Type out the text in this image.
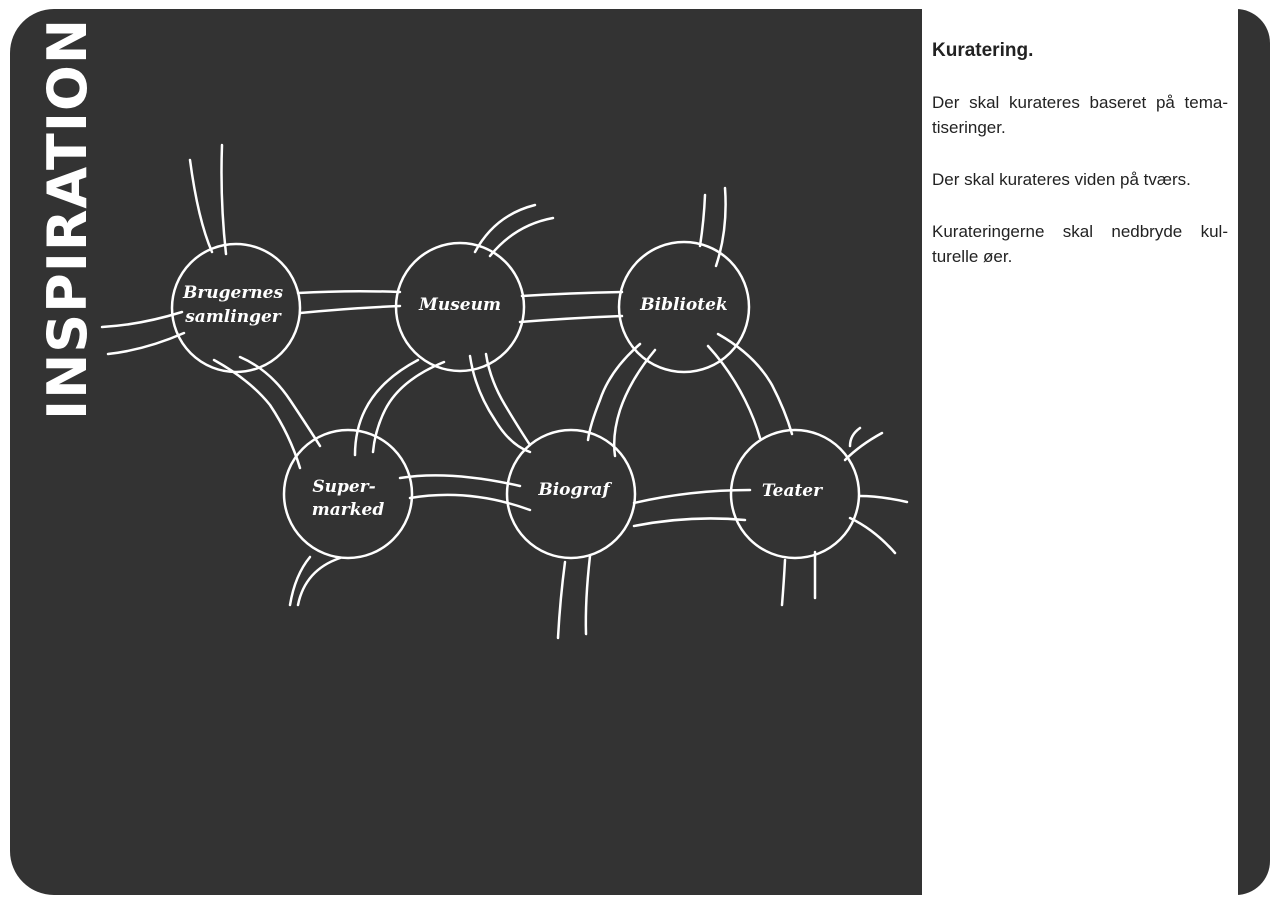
INSPIRATION	Kuratering.

Der skal kurateres baseret på tema-tiseringer.

Der skal kurateres viden på tværs.

Kurateringerne skal nedbryde kul-turelle øer.

Brugernes
samlinger
Museum	Bibliotek
Super-
marked
Biograf	Teater
